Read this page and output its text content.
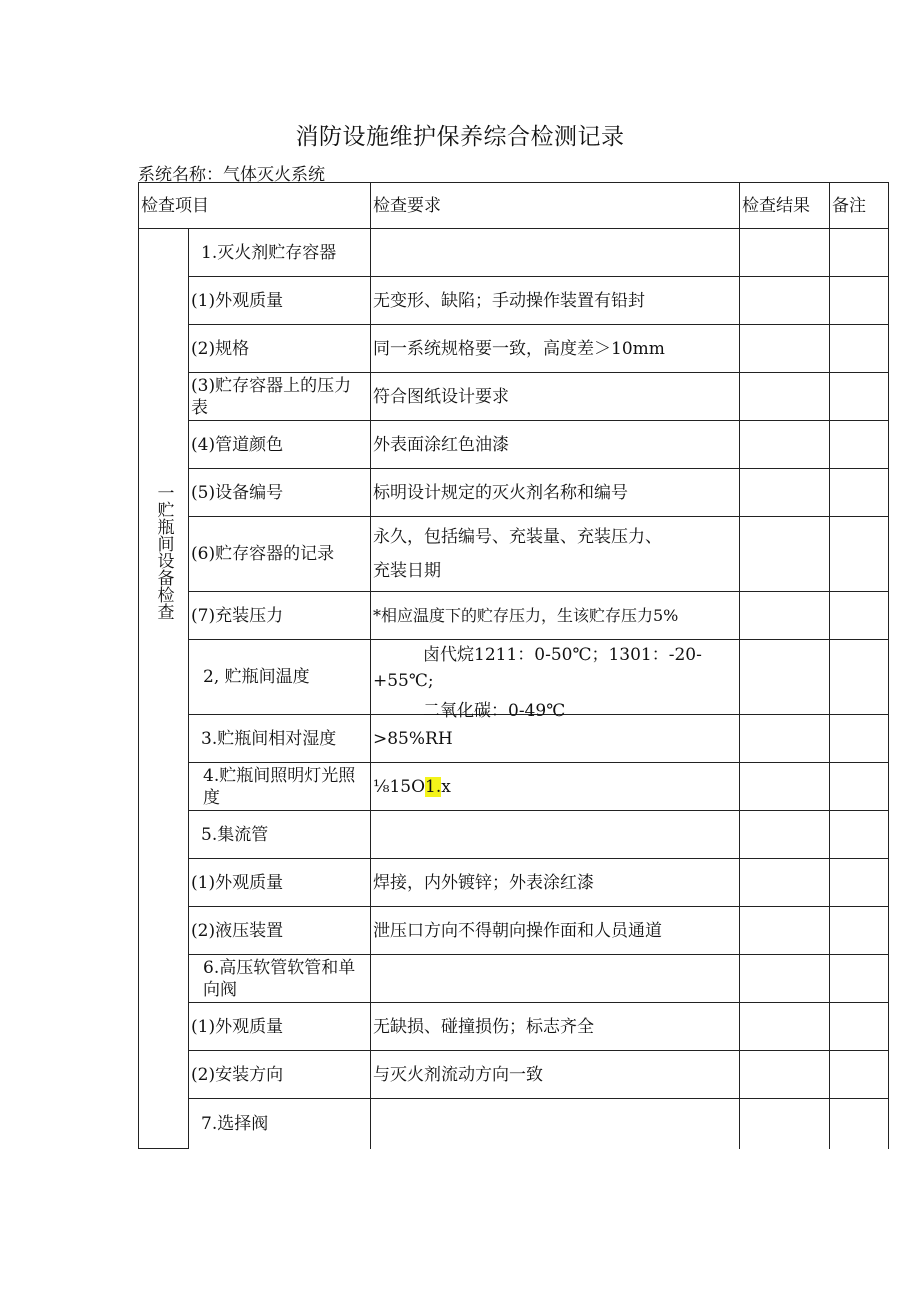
消防设施维护保养综合检测记录
系统名称：气体灭火系统
检查项目		检查要求	检查结果	备注
一贮瓶间设备检查	1.灭火剂贮存容器			
	(1)外观质量	无变形、缺陷；手动操作装置有铅封		
	(2)规格	同一系统规格要一致，高度差＞10mm		
	(3)贮存容器上的压力表	符合图纸设计要求		
	(4)管道颜色	外表面涂红色油漆		
	(5)设备编号	标明设计规定的灭火剂名称和编号		
	(6)贮存容器的记录	永久，包括编号、充装量、充装压力、
充装日期		

	(7)充装压力	*相应温度下的贮存压力，生该贮存压力5%		
	2, 贮瓶间温度	卤代烷1211：0-50℃；1301：-20-
+55℃;
二氧化碳：0-49℃		

	3.贮瓶间相对湿度	>85%RH		
	4.贮瓶间照明灯光照度	⅛15O1.x		
	5.集流管			
	(1)外观质量	焊接，内外镀锌；外表涂红漆		
	(2)液压装置	泄压口方向不得朝向操作面和人员通道		
	6.高压软管软管和单向阀			
	(1)外观质量	无缺损、碰撞损伤；标志齐全		
	(2)安装方向	与灭火剂流动方向一致		
	7.选择阀			
